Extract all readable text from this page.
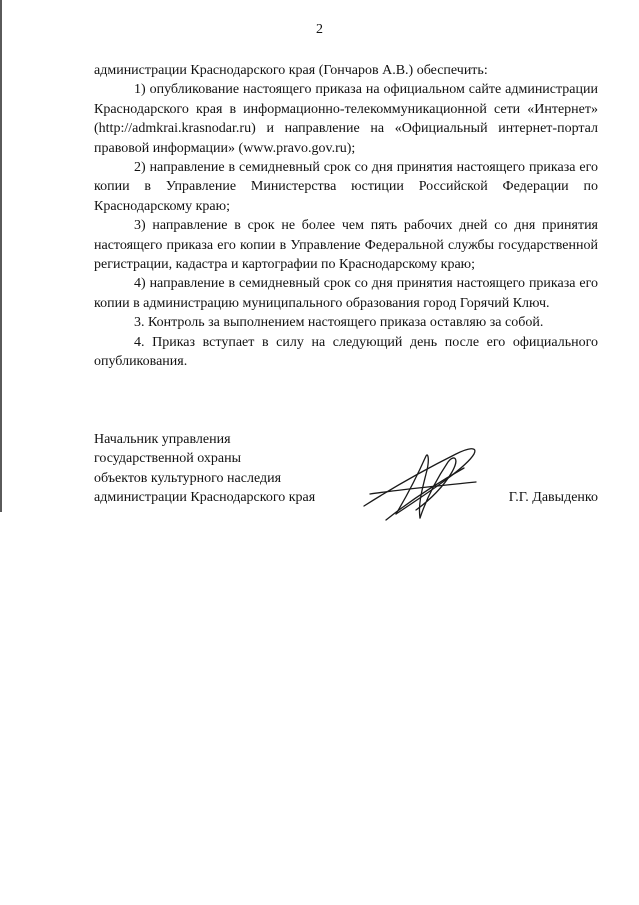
2

администрации Краснодарского края (Гончаров А.В.) обеспечить:

1) опубликование настоящего приказа на официальном сайте администрации Краснодарского края в информационно-телекоммуникационной сети «Интернет» (http://admkrai.krasnodar.ru) и направление на «Официальный интернет-портал правовой информации» (www.pravo.gov.ru);

2) направление в семидневный срок со дня принятия настоящего приказа его копии в Управление Министерства юстиции Российской Федерации по Краснодарскому краю;

3) направление в срок не более чем пять рабочих дней со дня принятия настоящего приказа его копии в Управление Федеральной службы государственной регистрации, кадастра и картографии по Краснодарскому краю;

4) направление в семидневный срок со дня принятия настоящего приказа его копии в администрацию муниципального образования город Горячий Ключ.

3. Контроль за выполнением настоящего приказа оставляю за собой.

4. Приказ вступает в силу на следующий день после его официального опубликования.

Начальник управления
государственной охраны
объектов культурного наследия
администрации Краснодарского края	Г.Г. Давыденко
